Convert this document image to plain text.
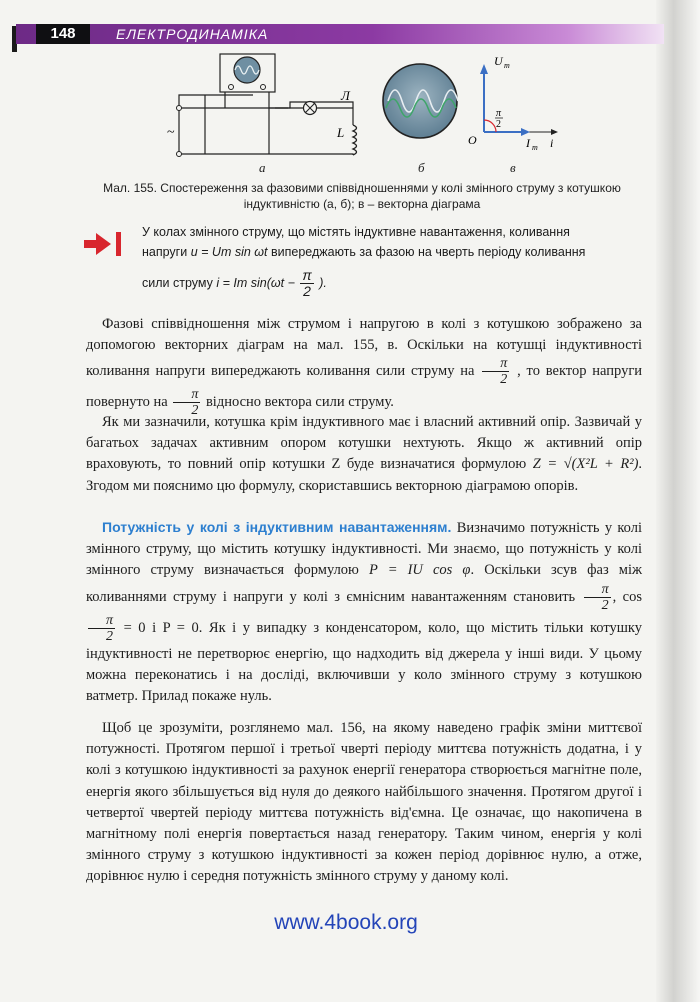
148	ЕЛЕКТРОДИНАМІКА
~
Л
L
а	б
U m
π
2
O	I m i
в
Мал. 155. Спостереження за фазовими співвідношеннями у колі змінного струму з котушкою індуктивністю (а, б); в – векторна діаграма
У колах змінного струму, що містять індуктивне навантаження, коливання
напруги u = Um sin ωt випереджають за фазою на чверть періоду коливання
сили струму i = Im $\sin(\omega t - \frac{\pi}{2}$ ).
Фазові співвідношення між струмом і напругою в колі з котушкою зображено за допомогою векторних діаграм на мал. 155, в. Оскільки на котушці індуктивності коливання напруги випереджають коливання сили струму на $\frac{\pi}{2}$ , то вектор напруги повернуто на $\frac{\pi}{2}$ відносно вектора сили струму.
Як ми зазначили, котушка крім індуктивного має і власний активний опір. Зазвичай у багатьох задачах активним опором котушки нехтують. Якщо ж активний опір враховують, то повний опір котушки Z буде визначатися формулою Z = √(X²L + R²). Згодом ми пояснимо цю формулу, скориставшись векторною діаграмою опорів.
Потужність у колі з індуктивним навантаженням. Визначимо потужність у колі змінного струму, що містить котушку індуктивності. Ми знаємо, що потужність у колі змінного струму визначається формулою P = IU cos φ. Оскільки зсув фаз між коливаннями струму і напруги у колі з ємнісним навантаженням становить $\frac{\pi}{2}$ , cos
$\frac{\pi}{2} = 0$ і P = 0. Як і у випадку з конденсатором, коло, що містить тільки котушку індуктивності не перетворює енергію, що надходить від джерела у інші види. У цьому можна переконатись і на досліді, включивши у коло змінного струму з котушкою ватметр. Прилад покаже нуль.
Щоб це зрозуміти, розглянемо мал. 156, на якому наведено графік зміни миттєвої потужності. Протягом першої і третьої чверті періоду миттєва потужність додатна, і у колі з котушкою індуктивності за рахунок енергії генератора створюється магнітне поле, енергія якого збільшується від нуля до деякого найбільшого значення. Протягом другої і четвертої чвертей періоду миттєва потужність від'ємна. Це означає, що накопичена в магнітному полі енергія повертається назад генератору. Таким чином, енергія у колі змінного струму з котушкою індуктивності за кожен період дорівнює нулю, а отже, дорівнює нулю і середня потужність змінного струму у даному колі.
www.4book.org
